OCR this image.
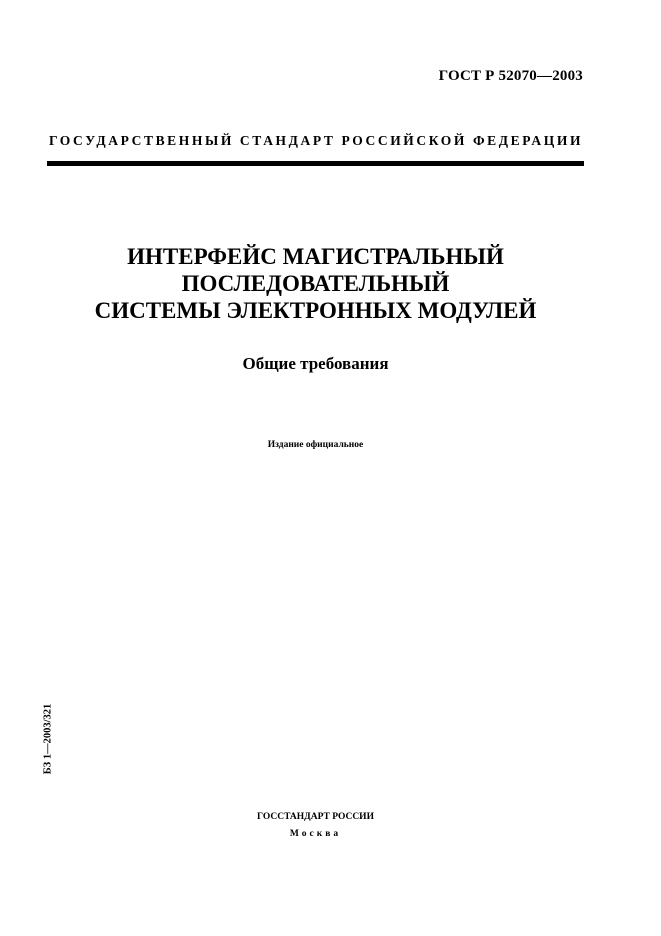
ГОСТ Р 52070—2003
ГОСУДАРСТВЕННЫЙ СТАНДАРТ РОССИЙСКОЙ ФЕДЕРАЦИИ
ИНТЕРФЕЙС МАГИСТРАЛЬНЫЙ
ПОСЛЕДОВАТЕЛЬНЫЙ
СИСТЕМЫ ЭЛЕКТРОННЫХ МОДУЛЕЙ
Общие требования
Издание официальное
БЗ 1—2003/321
ГОССТАНДАРТ РОССИИ
Москва
